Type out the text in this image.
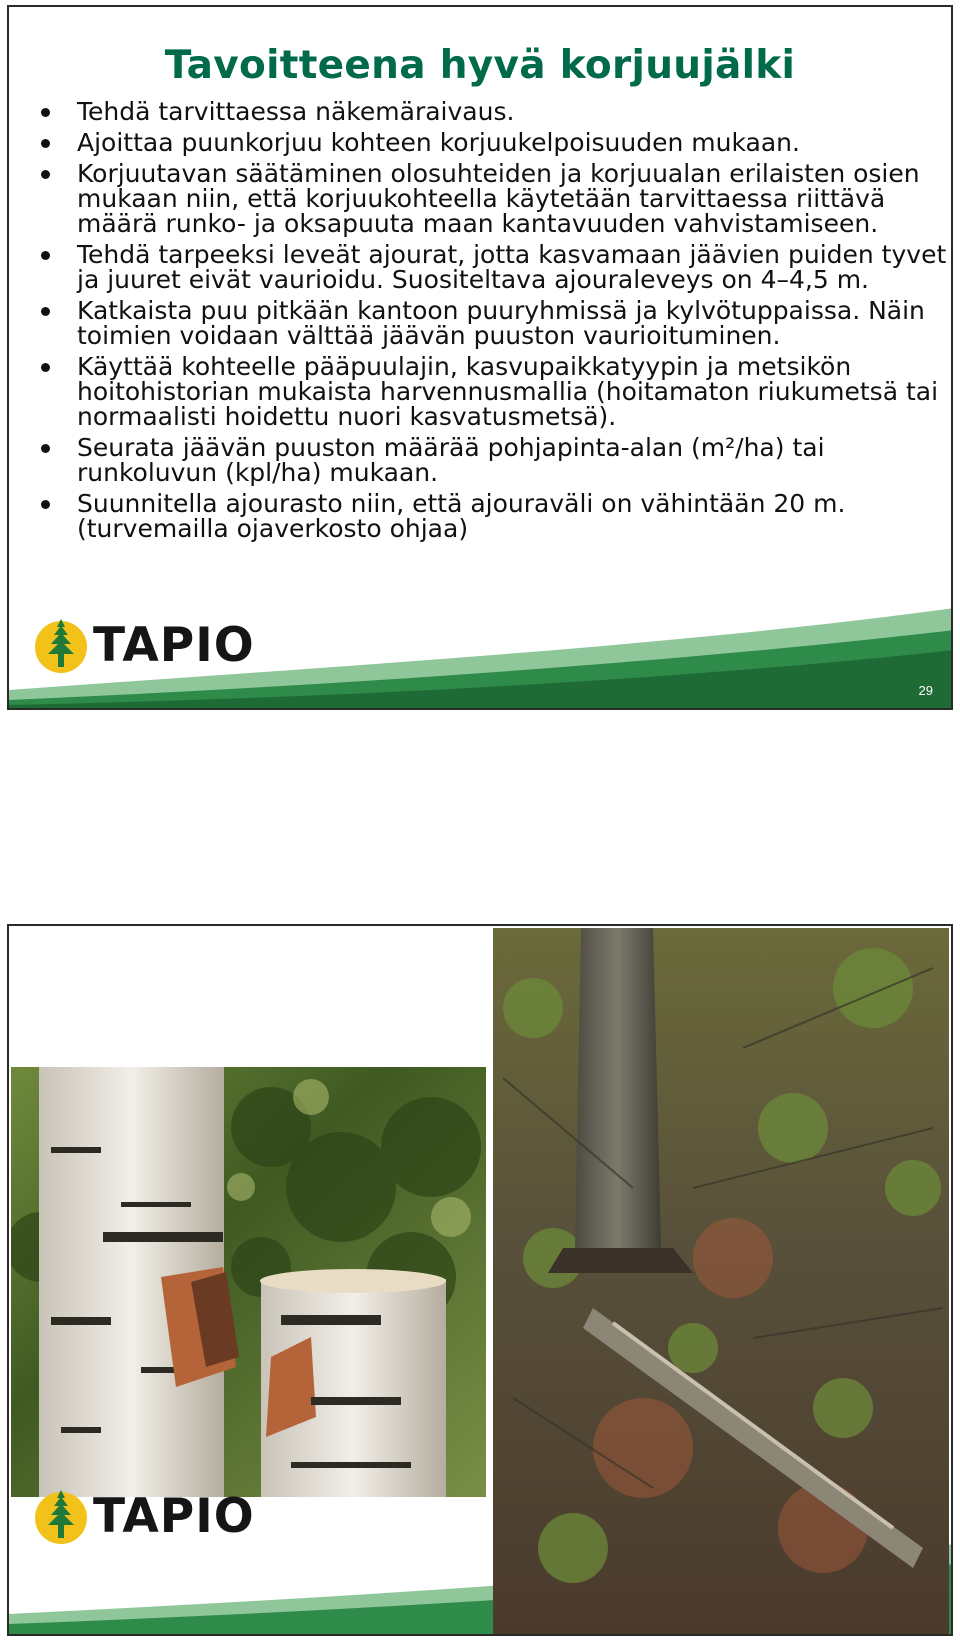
Tavoitteena hyvä korjuujälki
Tehdä tarvittaessa näkemäraivaus.
Ajoittaa puunkorjuu kohteen korjuukelpoisuuden mukaan.
Korjuutavan säätäminen olosuhteiden ja korjuualan erilaisten osien mukaan niin, että korjuukohteella käytetään tarvittaessa riittävä määrä runko- ja oksapuuta maan kantavuuden vahvistamiseen.
Tehdä tarpeeksi leveät ajourat, jotta kasvamaan jäävien puiden tyvet ja juuret eivät vaurioidu. Suositeltava ajouraleveys on 4–4,5 m.
Katkaista puu pitkään kantoon puuryhmissä ja kylvötuppaissa. Näin toimien voidaan välttää jäävän puuston vaurioituminen.
Käyttää kohteelle pääpuulajin, kasvupaikkatyypin ja metsikön hoitohistorian mukaista harvennusmallia (hoitamaton riukumetsä tai normaalisti hoidettu nuori kasvatusmetsä).
Seurata jäävän puuston määrää pohjapinta-alan (m²/ha) tai runkoluvun (kpl/ha) mukaan.
Suunnitella ajourasto niin, että ajouraväli on vähintään 20 m. (turvemailla ojaverkosto ohjaa)
TAPIO
29
TAPIO
